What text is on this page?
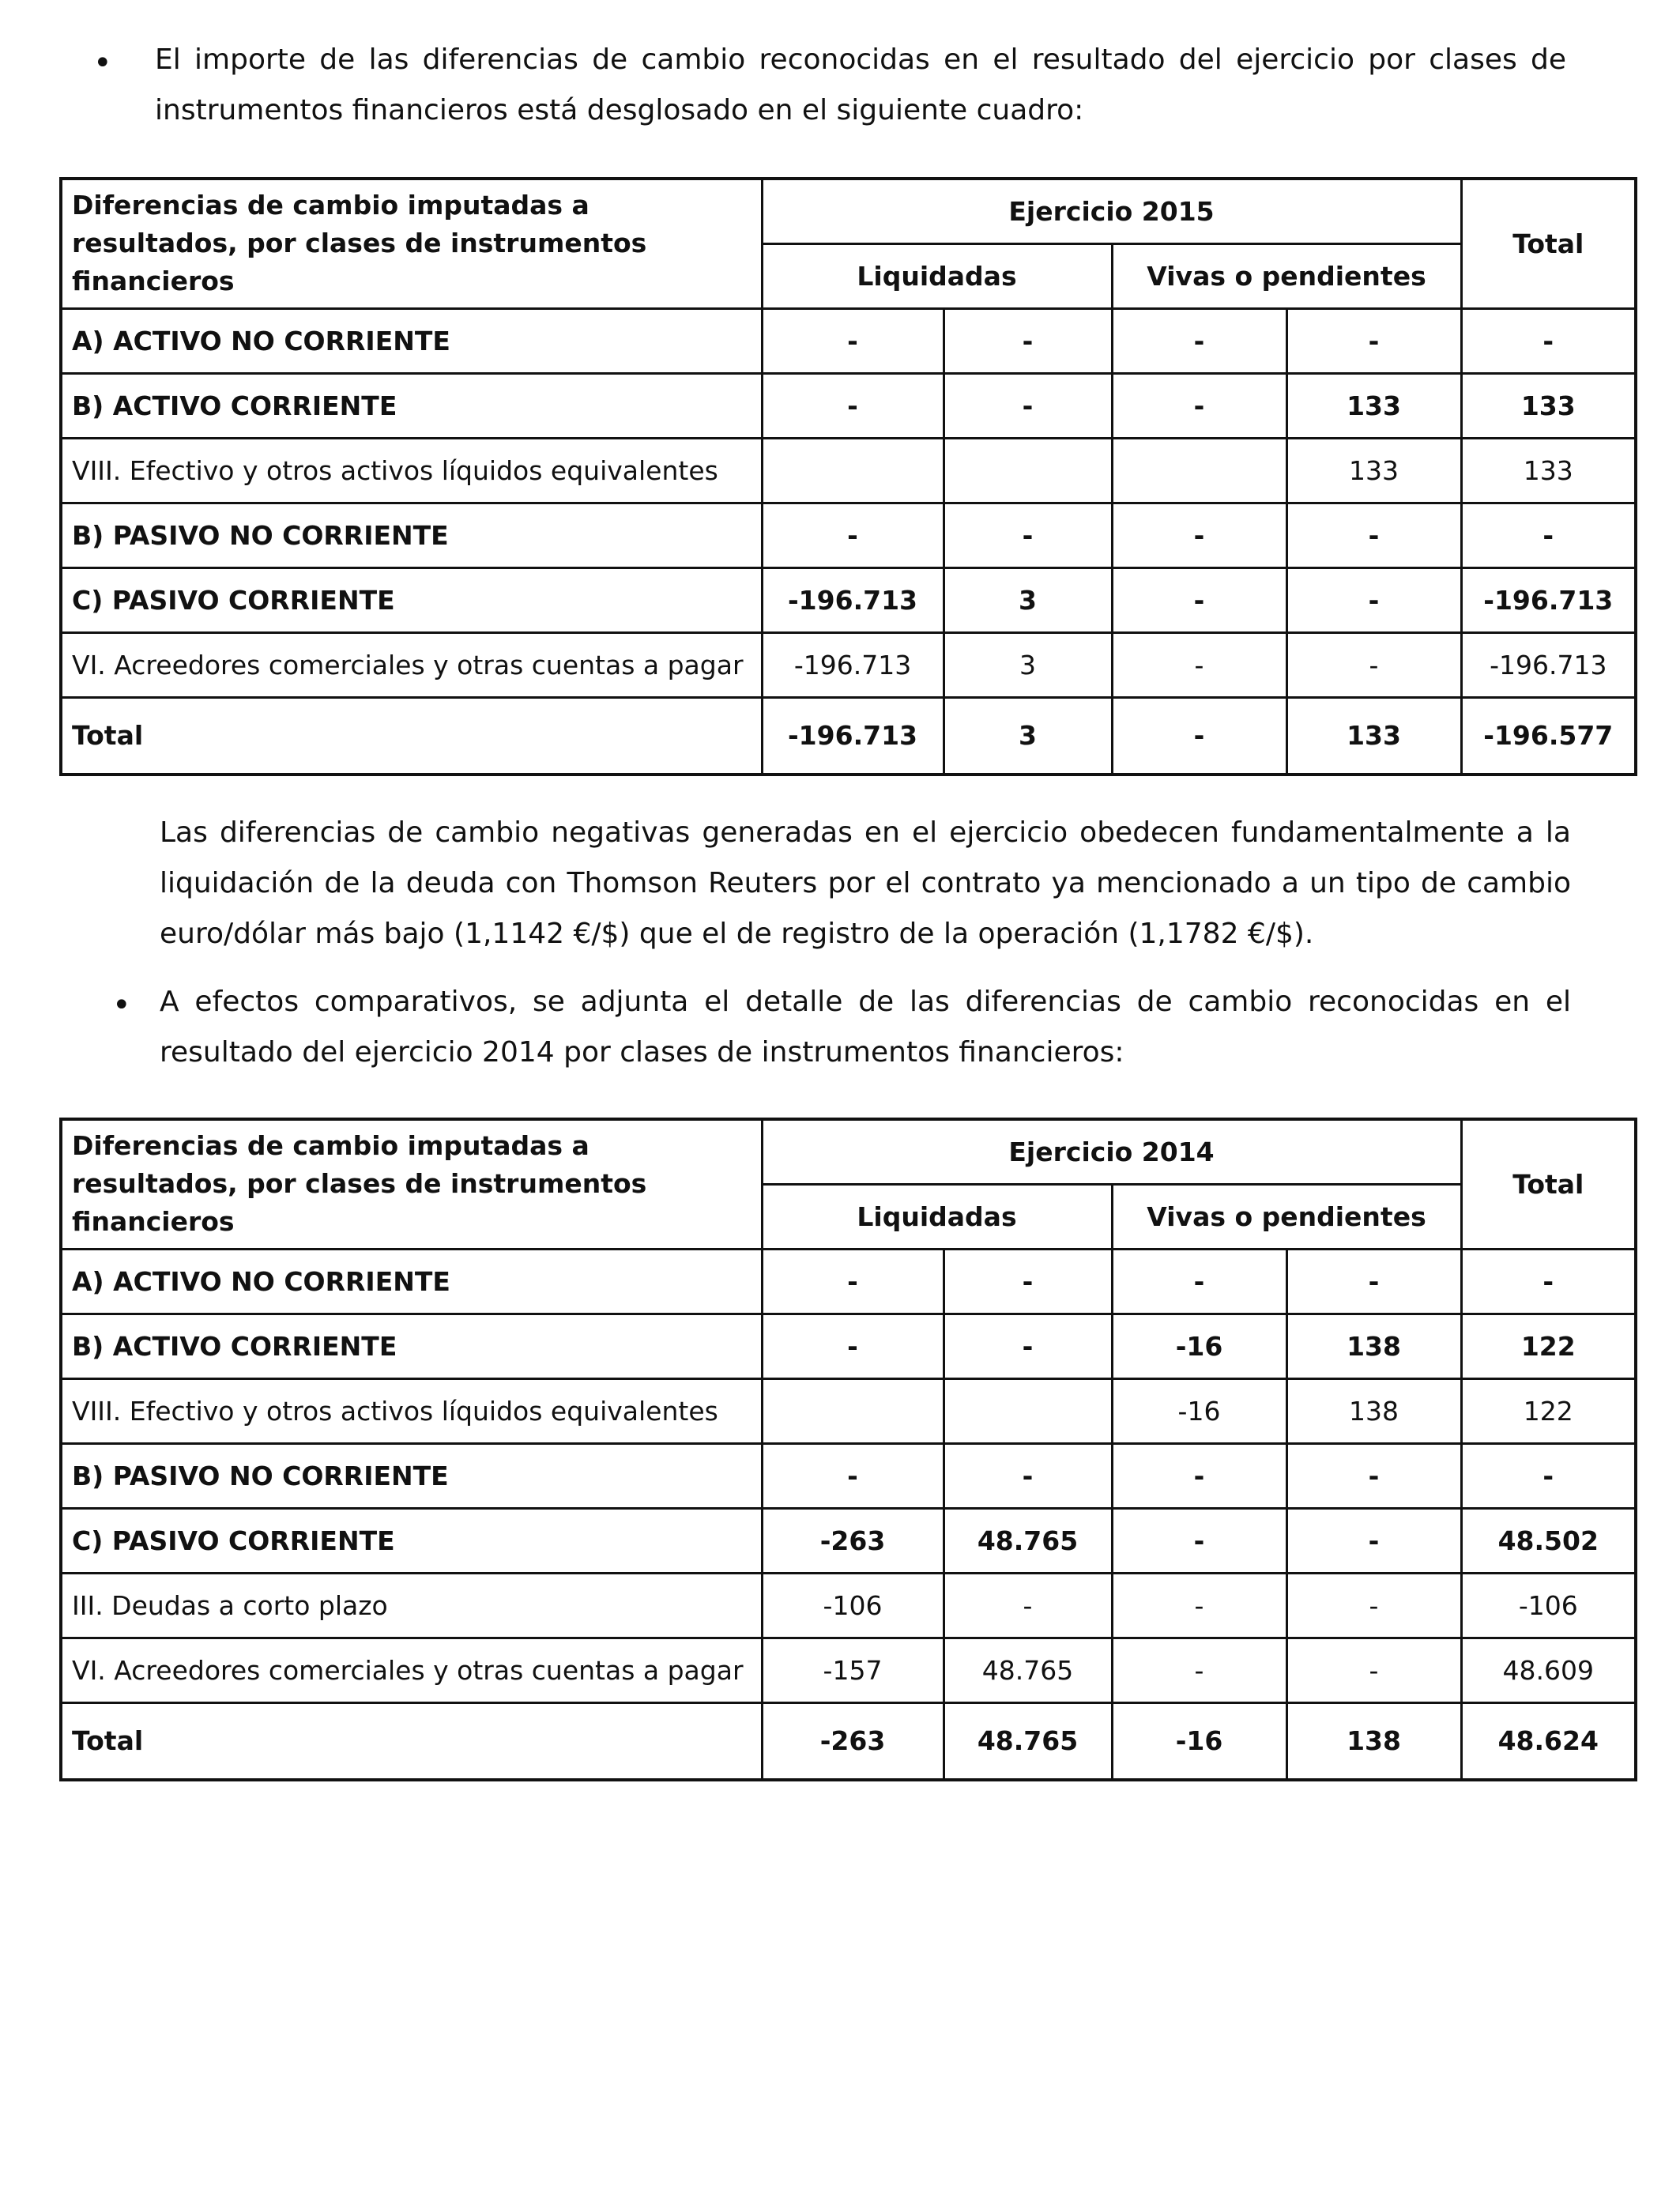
• El importe de las diferencias de cambio reconocidas en el resultado del ejercicio por clases de instrumentos financieros está desglosado en el siguiente cuadro:

Diferencias de cambio imputadas a resultados, por clases de instrumentos financieros	Ejercicio 2015				Total
	Liquidadas		Vivas o pendientes		
A) ACTIVO NO CORRIENTE	-	-	-	-	-
B) ACTIVO CORRIENTE	-	-	-	133	133
VIII. Efectivo y otros activos líquidos equivalentes				133	133
B) PASIVO NO CORRIENTE	-	-	-	-	-
C) PASIVO CORRIENTE	-196.713	3	-	-	-196.713
VI. Acreedores comerciales y otras cuentas a pagar	-196.713	3	-	-	-196.713
Total	-196.713	3	-	133	-196.577

Las diferencias de cambio negativas generadas en el ejercicio obedecen fundamentalmente a la liquidación de la deuda con Thomson Reuters por el contrato ya mencionado a un tipo de cambio euro/dólar más bajo (1,1142 €/$) que el de registro de la operación (1,1782 €/$).

• A efectos comparativos, se adjunta el detalle de las diferencias de cambio reconocidas en el resultado del ejercicio 2014 por clases de instrumentos financieros:

Diferencias de cambio imputadas a resultados, por clases de instrumentos financieros	Ejercicio 2014				Total
	Liquidadas		Vivas o pendientes		
A) ACTIVO NO CORRIENTE	-	-	-	-	-
B) ACTIVO CORRIENTE	-	-	-16	138	122
VIII. Efectivo y otros activos líquidos equivalentes			-16	138	122
B) PASIVO NO CORRIENTE	-	-	-	-	-
C) PASIVO CORRIENTE	-263	48.765	-	-	48.502
III. Deudas a corto plazo	-106	-	-	-	-106
VI. Acreedores comerciales y otras cuentas a pagar	-157	48.765	-	-	48.609
Total	-263	48.765	-16	138	48.624
